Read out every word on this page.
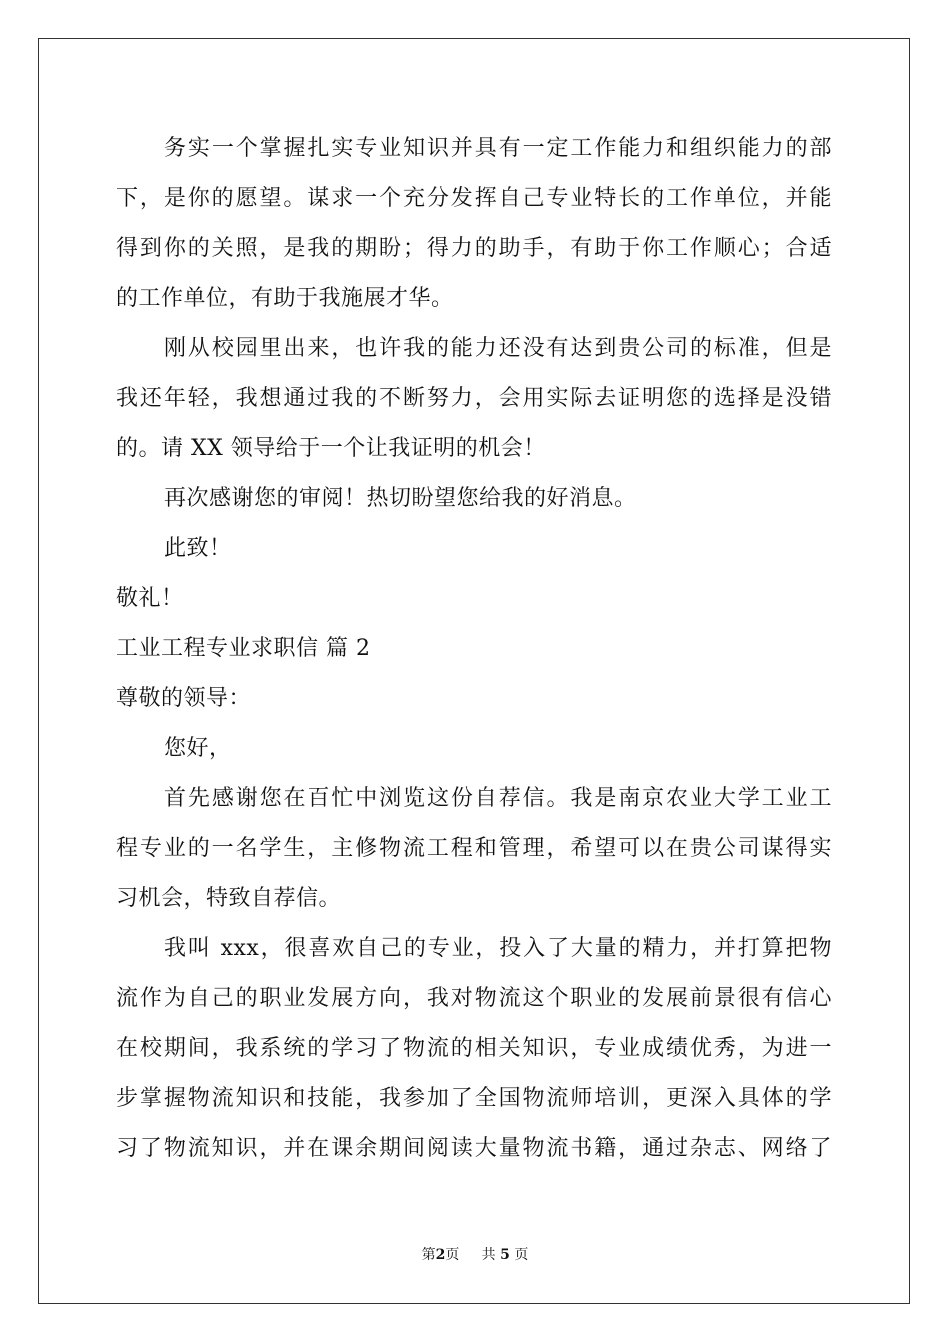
务实一个掌握扎实专业知识并具有一定工作能力和组织能力的部
下，是你的愿望。谋求一个充分发挥自己专业特长的工作单位，并能
得到你的关照，是我的期盼；得力的助手，有助于你工作顺心；合适
的工作单位，有助于我施展才华。
刚从校园里出来，也许我的能力还没有达到贵公司的标准，但是
我还年轻，我想通过我的不断努力，会用实际去证明您的选择是没错
的。请 XX 领导给于一个让我证明的机会！
再次感谢您的审阅！热切盼望您给我的好消息。
此致！
敬礼！
工业工程专业求职信 篇 2
尊敬的领导：
您好，
首先感谢您在百忙中浏览这份自荐信。我是南京农业大学工业工
程专业的一名学生，主修物流工程和管理，希望可以在贵公司谋得实
习机会，特致自荐信。
我叫 xxx，很喜欢自己的专业，投入了大量的精力，并打算把物
流作为自己的职业发展方向，我对物流这个职业的发展前景很有信心
在校期间，我系统的学习了物流的相关知识，专业成绩优秀，为进一
步掌握物流知识和技能，我参加了全国物流师培训，更深入具体的学
习了物流知识，并在课余期间阅读大量物流书籍，通过杂志、网络了
第2页 共 5 页
